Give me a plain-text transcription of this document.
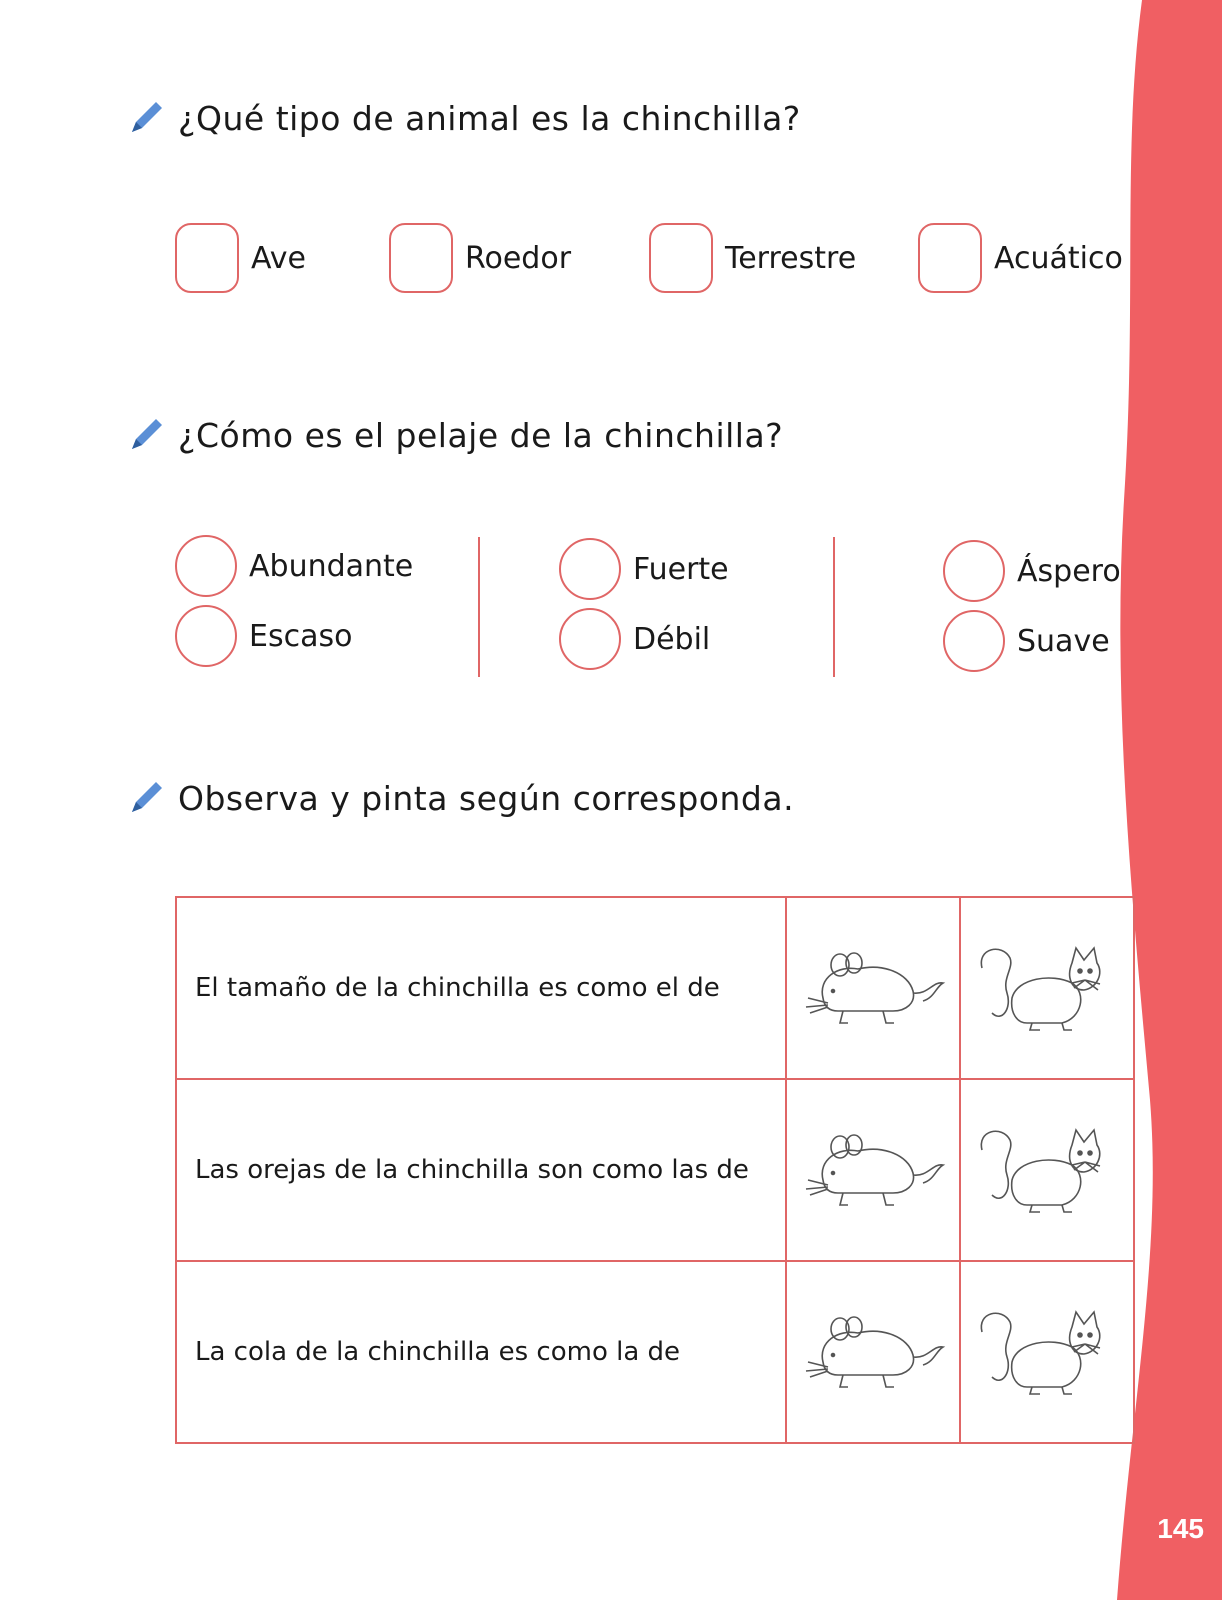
145
¿Qué tipo de animal es la chinchilla?
Ave	Roedor	Terrestre	Acuático
¿Cómo es el pelaje de la chinchilla?
Abundante
Escaso
Fuerte
Débil
Áspero
Suave
Observa y pinta según corresponda.
El tamaño de la chinchilla es como el de	

Las orejas de la chinchilla son como las de	

La cola de la chinchilla es como la de	
